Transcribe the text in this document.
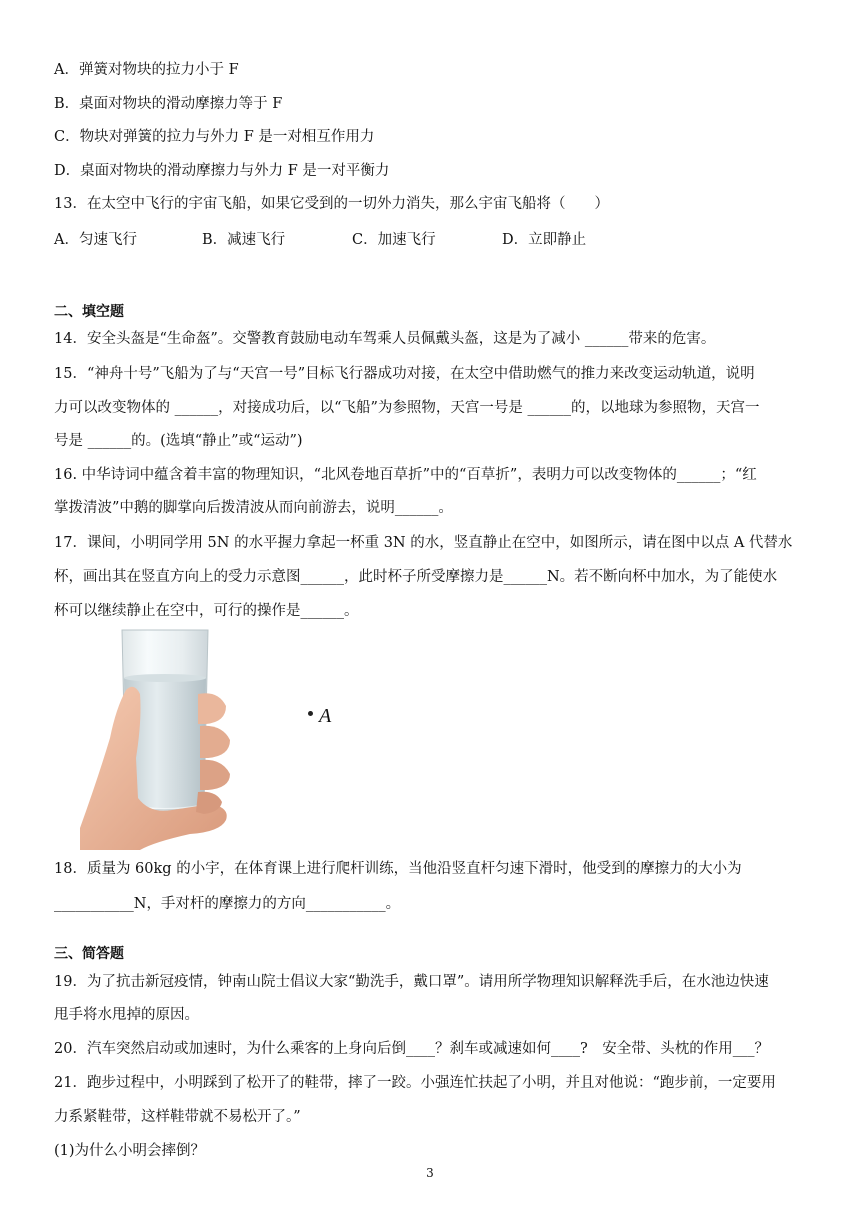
A．弹簧对物块的拉力小于 F
B．桌面对物块的滑动摩擦力等于 F
C．物块对弹簧的拉力与外力 F 是一对相互作用力
D．桌面对物块的滑动摩擦力与外力 F 是一对平衡力
13．在太空中飞行的宇宙飞船，如果它受到的一切外力消失，那么宇宙飞船将（　　）
A．匀速飞行	B．减速飞行	C．加速飞行	D．立即静止
二、填空题
14．安全头盔是“生命盔”。交警教育鼓励电动车驾乘人员佩戴头盔，这是为了减小 ______带来的危害。
15．“神舟十号”飞船为了与“天宫一号”目标飞行器成功对接，在太空中借助燃气的推力来改变运动轨道，说明
力可以改变物体的 ______，对接成功后，以“飞船”为参照物，天宫一号是 ______的，以地球为参照物，天宫一
号是 ______的。(选填“静止”或“运动”)
16. 中华诗词中蕴含着丰富的物理知识，“北风卷地百草折”中的“百草折”，表明力可以改变物体的______；“红
掌拨清波”中鹅的脚掌向后拨清波从而向前游去，说明______。
17．课间，小明同学用 5N 的水平握力拿起一杯重 3N 的水，竖直静止在空中，如图所示，请在图中以点 A 代替水
杯，画出其在竖直方向上的受力示意图______，此时杯子所受摩擦力是______N。若不断向杯中加水，为了能使水
杯可以继续静止在空中，可行的操作是______。
A
18．质量为 60kg 的小宇，在体育课上进行爬杆训练，当他沿竖直杆匀速下滑时，他受到的摩擦力的大小为
___________N，手对杆的摩擦力的方向___________。
三、简答题
19．为了抗击新冠疫情，钟南山院士倡议大家“勤洗手，戴口罩”。请用所学物理知识解释洗手后，在水池边快速
甩手将水甩掉的原因。
20．汽车突然启动或加速时，为什么乘客的上身向后倒____？刹车或减速如何____?　安全带、头枕的作用___？
21．跑步过程中，小明踩到了松开了的鞋带，摔了一跤。小强连忙扶起了小明，并且对他说：“跑步前，一定要用
力系紧鞋带，这样鞋带就不易松开了。”
(1)为什么小明会摔倒？
3
